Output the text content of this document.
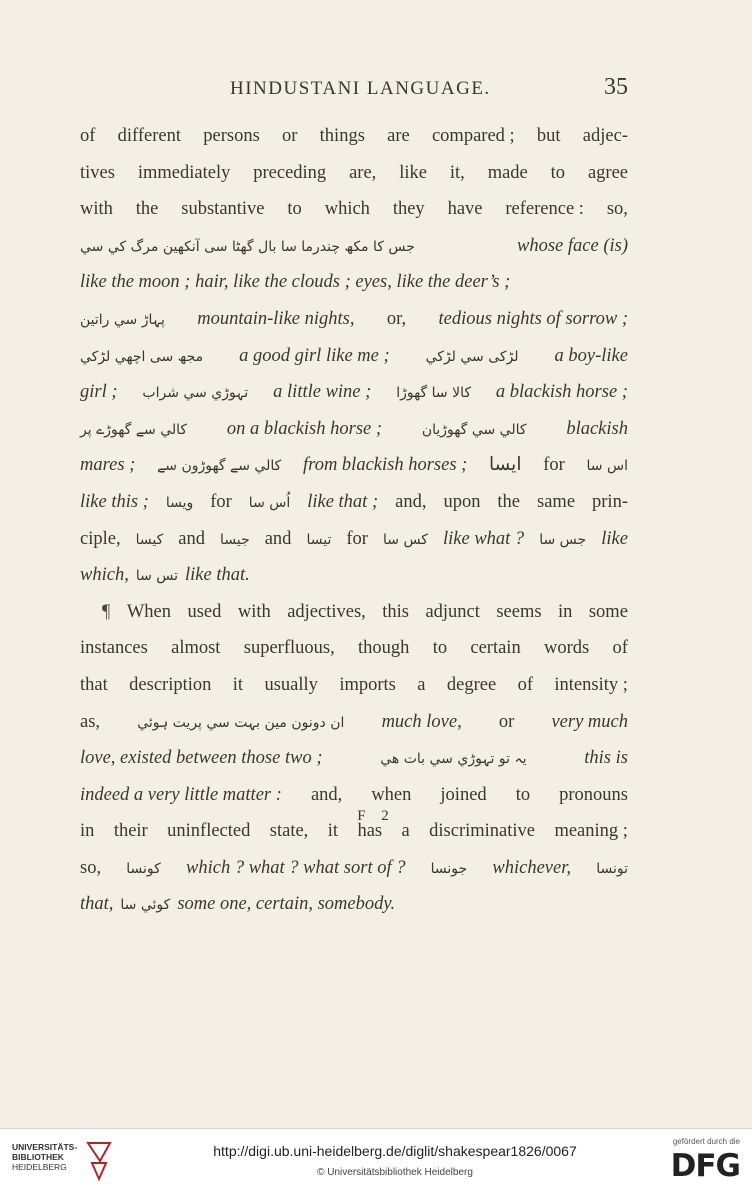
HINDUSTANI LANGUAGE.	35
of different persons or things are compared ; but adjec-
tives immediately preceding are, like it, made to agree
with the substantive to which they have reference : so,
جس کا مکھ چندرما سا بال گھٹا سی آنکھین مرگ کي سي	whose face (is)
like the moon ; hair, like the clouds ; eyes, like the deer’s ;
پہاڑ سي راتين mountain-like nights, or, tedious nights of sorrow ;
مجھ سی اچھي لڑکي a good girl like me ;	لڑکی سي لڑکي a boy-like
girl ; تہوڑي سي شراب a little wine ; کالا سا گھوڑا a blackish horse ;
کالي سے گھوڑے پر on a blackish horse ;	کالي سي گھوڑیان blackish
mares ; کالي سے گھوڑون سے from blackish horses ; ایسا for اس سا
like this ; ویسا for اُس سا like that ; and, upon the same prin-
ciple, کیسا and جیسا and تیسا for کس سا like what ? جس سا like
which, تس سا like that.
¶ When used with adjectives, this adjunct seems in some
instances almost superfluous, though to certain words of
that description it usually imports a degree of intensity ;
as,	ان دونون مین بہت سي پریت ہوئي much love, or very much
love, existed between those two ;	یہ تو تہوڑي سي بات هي	this is
indeed a very little matter : and, when joined to pronouns
in their uninflected state, it has a discriminative meaning ;
so, کونسا which ? what ? what sort of ? جونسا whichever, تونسا
that, کوئي سا some one, certain, somebody.
F 2
UNIVERSITÄTS-
BIBLIOTHEK
HEIDELBERG
http://digi.ub.uni-heidelberg.de/diglit/shakespear1826/0067
© Universitätsbibliothek Heidelberg
gefördert durch die
DFG
